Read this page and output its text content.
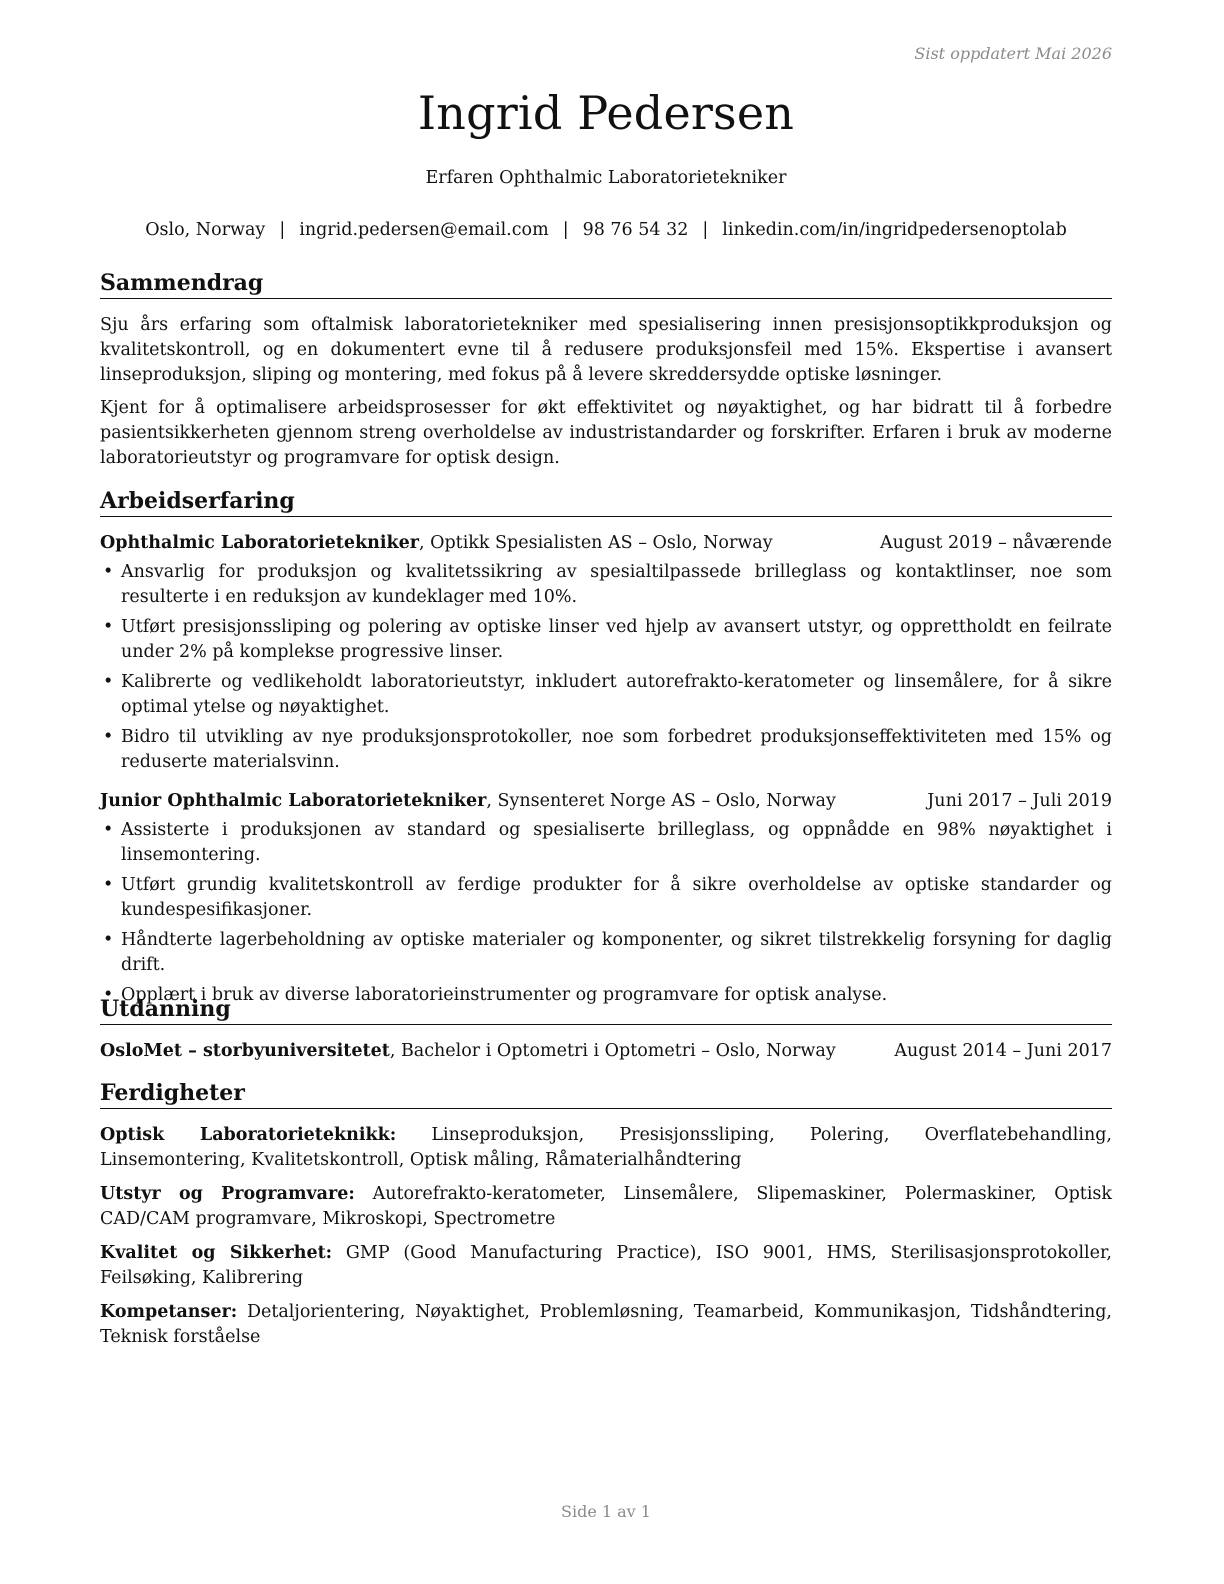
Sist oppdatert Mai 2026
Ingrid Pedersen
Erfaren Ophthalmic Laboratorietekniker
Oslo, Norway | ingrid.pedersen@email.com | 98 76 54 32 | linkedin.com/in/ingridpedersenoptolab
Sammendrag

Sju års erfaring som oftalmisk laboratorietekniker med spesialisering innen presisjonsoptikkproduksjon og kvalitetskontroll, og en dokumentert evne til å redusere produksjonsfeil med 15%. Ekspertise i avansert linseproduksjon, sliping og montering, med fokus på å levere skreddersydde optiske løsninger.

Kjent for å optimalisere arbeidsprosesser for økt effektivitet og nøyaktighet, og har bidratt til å forbedre pasientsikkerheten gjennom streng overholdelse av industristandarder og forskrifter. Erfaren i bruk av moderne laboratorieutstyr og programvare for optisk design.

Arbeidserfaring
Ophthalmic Laboratorietekniker, Optikk Spesialisten AS – Oslo, Norway	August 2019 – nåværende
• Ansvarlig for produksjon og kvalitetssikring av spesialtilpassede brilleglass og kontaktlinser, noe som resulterte i en reduksjon av kundeklager med 10%.
• Utført presisjonssliping og polering av optiske linser ved hjelp av avansert utstyr, og opprettholdt en feilrate under 2% på komplekse progressive linser.
• Kalibrerte og vedlikeholdt laboratorieutstyr, inkludert autorefrakto-keratometer og linsemålere, for å sikre optimal ytelse og nøyaktighet.
• Bidro til utvikling av nye produksjonsprotokoller, noe som forbedret produksjonseffektiviteten med 15% og reduserte materialsvinn.
Junior Ophthalmic Laboratorietekniker, Synsenteret Norge AS – Oslo, Norway	Juni 2017 – Juli 2019
• Assisterte i produksjonen av standard og spesialiserte brilleglass, og oppnådde en 98% nøyaktighet i linsemontering.
• Utført grundig kvalitetskontroll av ferdige produkter for å sikre overholdelse av optiske standarder og kundespesifikasjoner.
• Håndterte lagerbeholdning av optiske materialer og komponenter, og sikret tilstrekkelig forsyning for daglig drift.
• Opplært i bruk av diverse laboratorieinstrumenter og programvare for optisk analyse.
Utdanning
OsloMet – storbyuniversitetet, Bachelor i Optometri i Optometri – Oslo, Norway	August 2014 – Juni 2017
Ferdigheter
Optisk Laboratorieteknikk: Linseproduksjon, Presisjonssliping, Polering, Overflatebehandling, Linsemontering, Kvalitetskontroll, Optisk måling, Råmaterialhåndtering
Utstyr og Programvare: Autorefrakto-keratometer, Linsemålere, Slipemaskiner, Polermaskiner, Optisk CAD/CAM programvare, Mikroskopi, Spectrometre
Kvalitet og Sikkerhet: GMP (Good Manufacturing Practice), ISO 9001, HMS, Sterilisasjonsprotokoller, Feilsøking, Kalibrering
Kompetanser: Detaljorientering, Nøyaktighet, Problemløsning, Teamarbeid, Kommunikasjon, Tidshåndtering, Teknisk forståelse
Side 1 av 1
